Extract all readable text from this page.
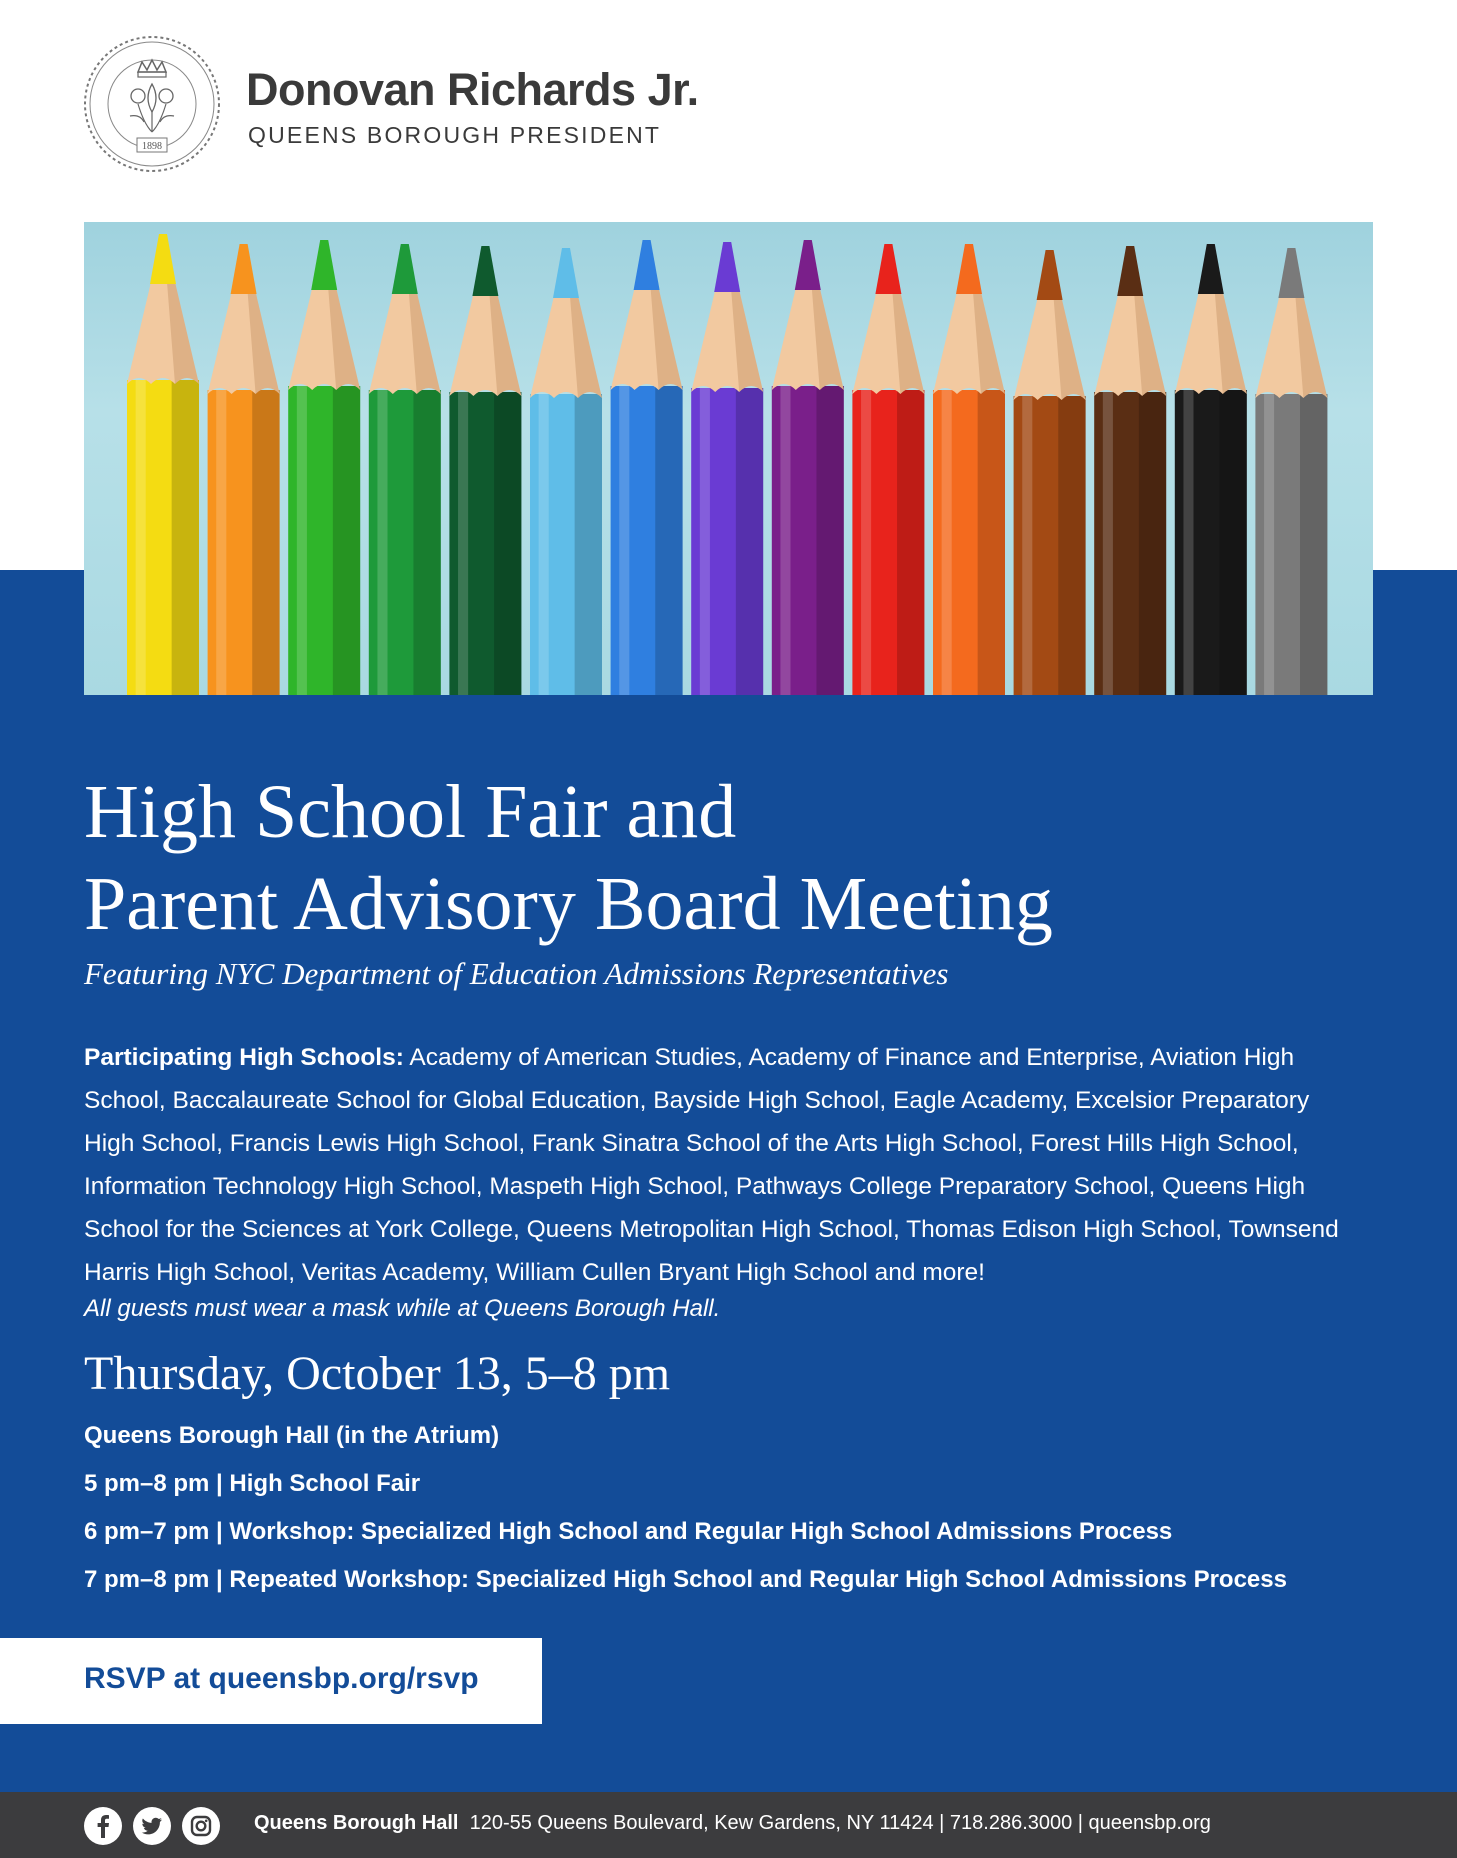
1898
Donovan Richards Jr.
QUEENS BOROUGH PRESIDENT
High School Fair and
Parent Advisory Board Meeting
Featuring NYC Department of Education Admissions Representatives
Participating High Schools: Academy of American Studies, Academy of Finance and Enterprise, Aviation High School, Baccalaureate School for Global Education, Bayside High School, Eagle Academy, Excelsior Preparatory High School, Francis Lewis High School, Frank Sinatra School of the Arts High School, Forest Hills High School, Information Technology High School, Maspeth High School, Pathways College Preparatory School, Queens High School for the Sciences at York College, Queens Metropolitan High School, Thomas Edison High School, Townsend Harris High School, Veritas Academy, William Cullen Bryant High School and more!
All guests must wear a mask while at Queens Borough Hall.
Thursday, October 13, 5–8 pm
Queens Borough Hall (in the Atrium)
5 pm–8 pm | High School Fair
6 pm–7 pm | Workshop: Specialized High School and Regular High School Admissions Process
7 pm–8 pm | Repeated Workshop: Specialized High School and Regular High School Admissions Process
RSVP at queensbp.org/rsvp
Queens Borough Hall 120-55 Queens Boulevard, Kew Gardens, NY 11424 | 718.286.3000 | queensbp.org
